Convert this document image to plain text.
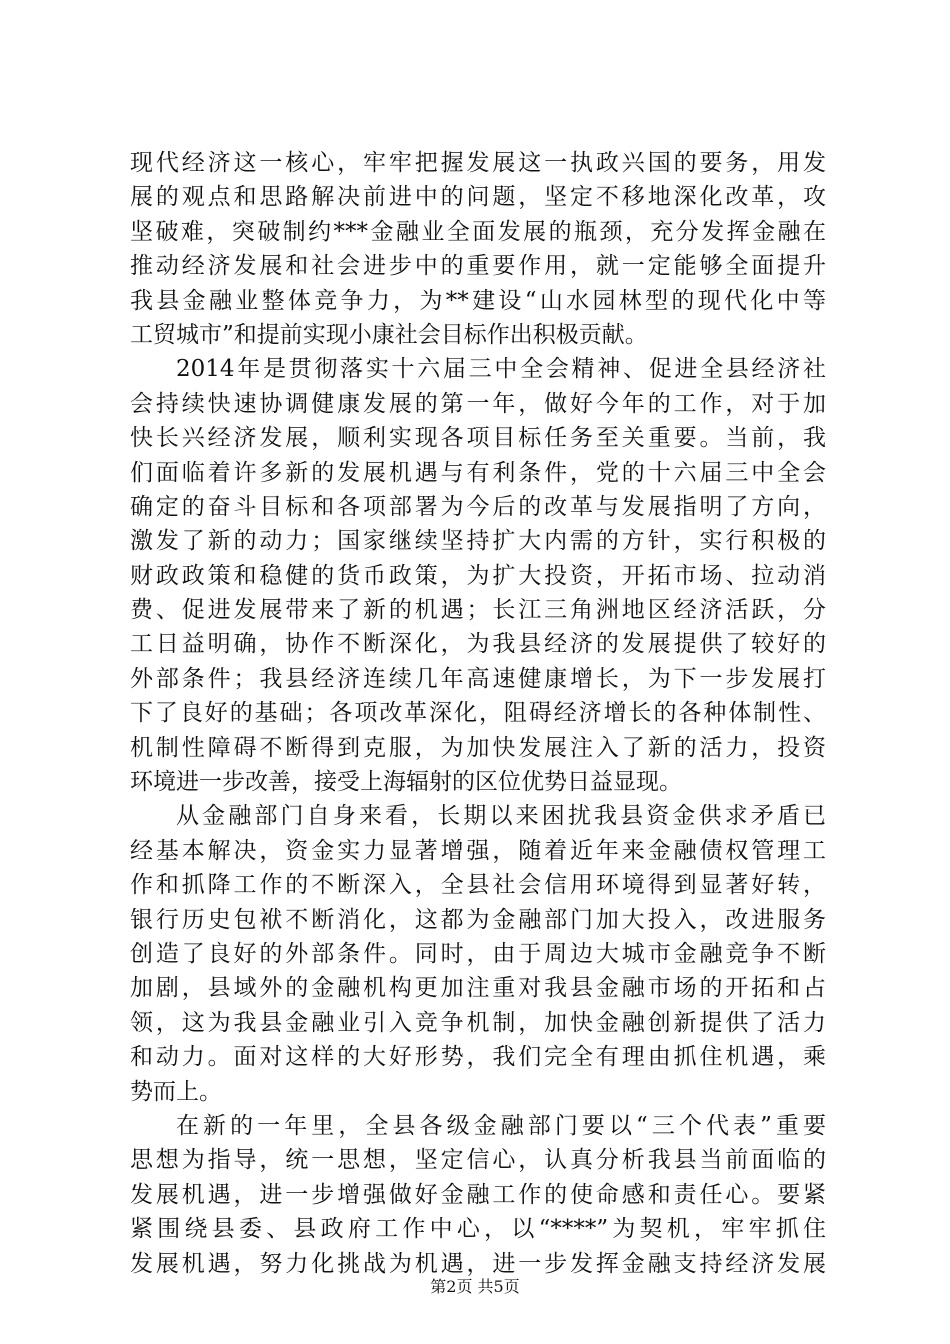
现代经济这一核心，牢牢把握发展这一执政兴国的要务，用发
展的观点和思路解决前进中的问题，坚定不移地深化改革，攻
坚破难，突破制约***金融业全面发展的瓶颈，充分发挥金融在
推动经济发展和社会进步中的重要作用，就一定能够全面提升
我县金融业整体竞争力，为**建设“山水园林型的现代化中等
工贸城市”和提前实现小康社会目标作出积极贡献。
2014年是贯彻落实十六届三中全会精神、促进全县经济社
会持续快速协调健康发展的第一年，做好今年的工作，对于加
快长兴经济发展，顺利实现各项目标任务至关重要。当前，我
们面临着许多新的发展机遇与有利条件，党的十六届三中全会
确定的奋斗目标和各项部署为今后的改革与发展指明了方向，
激发了新的动力；国家继续坚持扩大内需的方针，实行积极的
财政政策和稳健的货币政策，为扩大投资，开拓市场、拉动消
费、促进发展带来了新的机遇；长江三角洲地区经济活跃，分
工日益明确，协作不断深化，为我县经济的发展提供了较好的
外部条件；我县经济连续几年高速健康增长，为下一步发展打
下了良好的基础；各项改革深化，阻碍经济增长的各种体制性、
机制性障碍不断得到克服，为加快发展注入了新的活力，投资
环境进一步改善，接受上海辐射的区位优势日益显现。
从金融部门自身来看，长期以来困扰我县资金供求矛盾已
经基本解决，资金实力显著增强，随着近年来金融债权管理工
作和抓降工作的不断深入，全县社会信用环境得到显著好转，
银行历史包袱不断消化，这都为金融部门加大投入，改进服务
创造了良好的外部条件。同时，由于周边大城市金融竞争不断
加剧，县域外的金融机构更加注重对我县金融市场的开拓和占
领，这为我县金融业引入竞争机制，加快金融创新提供了活力
和动力。面对这样的大好形势，我们完全有理由抓住机遇，乘
势而上。
在新的一年里，全县各级金融部门要以“三个代表”重要
思想为指导，统一思想，坚定信心，认真分析我县当前面临的
发展机遇，进一步增强做好金融工作的使命感和责任心。要紧
紧围绕县委、县政府工作中心，以“****”为契机，牢牢抓住
发展机遇，努力化挑战为机遇，进一步发挥金融支持经济发展
第2页 共5页
